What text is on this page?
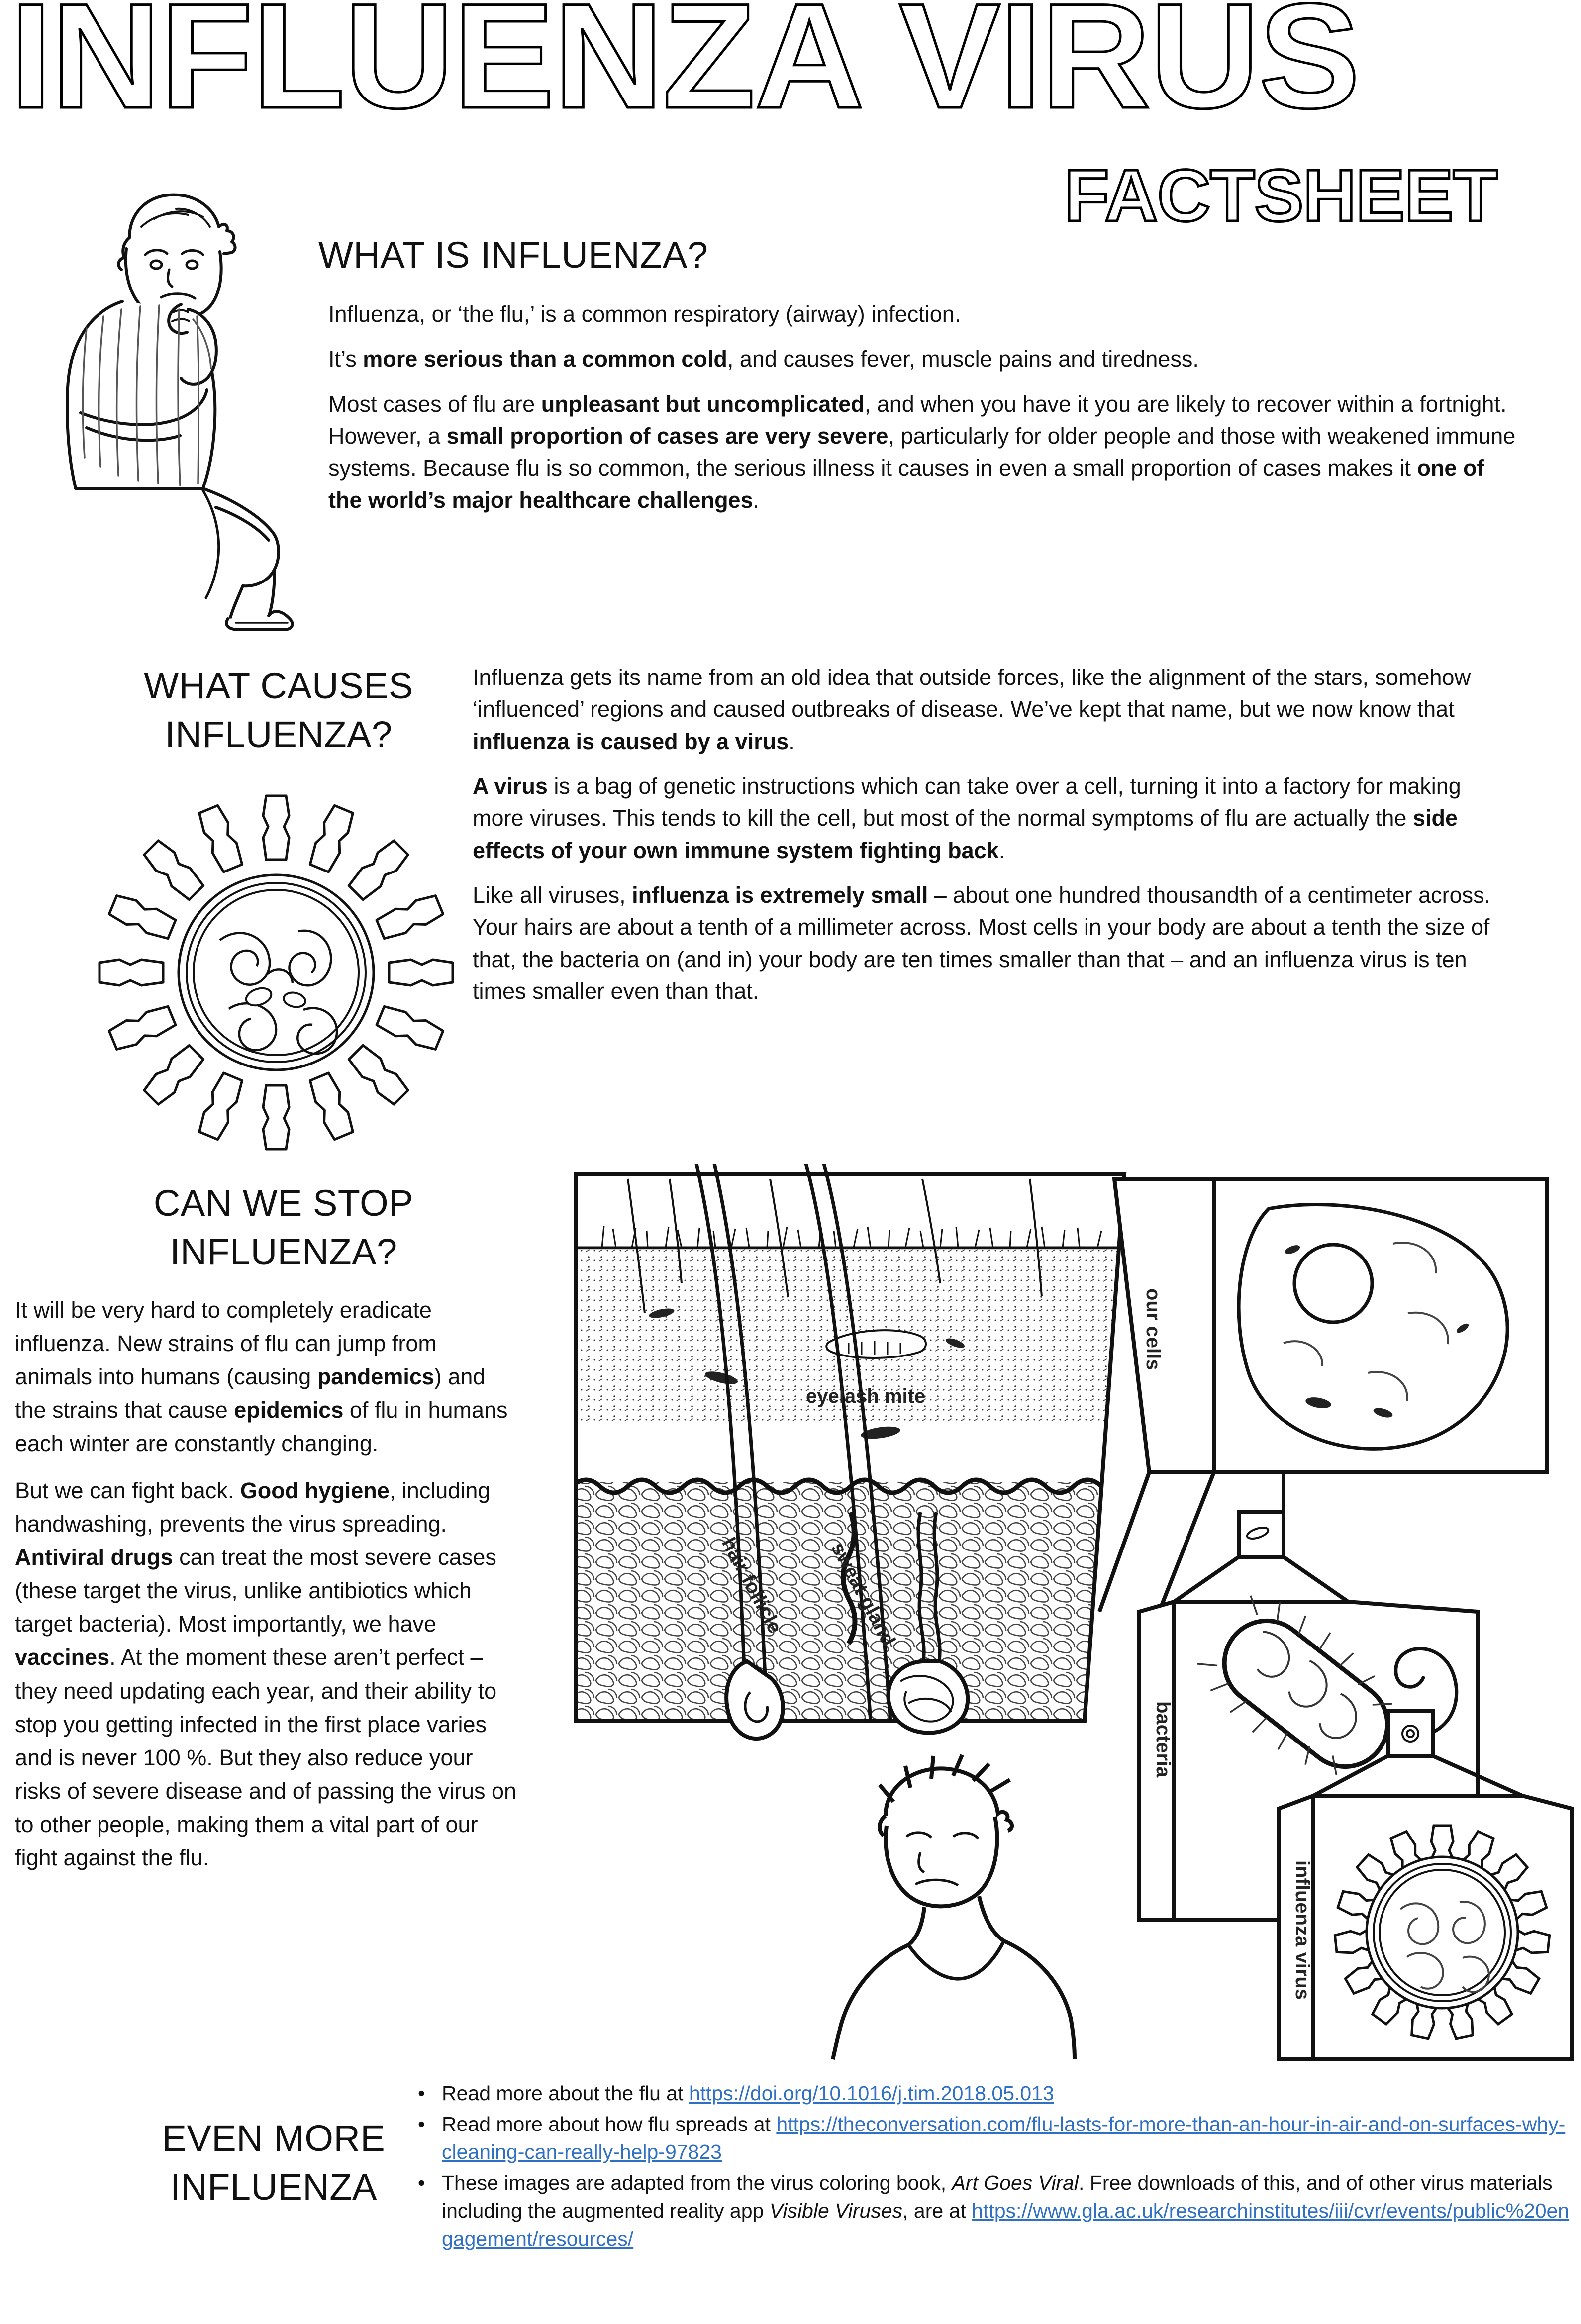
INFLUENZA VIRUS
FACTSHEET
WHAT IS INFLUENZA?

Influenza, or ‘the flu,’ is a common respiratory (airway) infection.

It’s more serious than a common cold, and causes fever, muscle pains and tiredness.

Most cases of flu are unpleasant but uncomplicated, and when you have it you are likely to recover within a fortnight. However, a small proportion of cases are very severe, particularly for older people and those with weakened immune systems. Because flu is so common, the serious illness it causes in even a small proportion of cases makes it one of the world’s major healthcare challenges.

WHAT CAUSES
INFLUENZA?

Influenza gets its name from an old idea that outside forces, like the alignment of the stars, somehow ‘influenced’ regions and caused outbreaks of disease. We’ve kept that name, but we now know that influenza is caused by a virus.

A virus is a bag of genetic instructions which can take over a cell, turning it into a factory for making more viruses. This tends to kill the cell, but most of the normal symptoms of flu are actually the side effects of your own immune system fighting back.

Like all viruses, influenza is extremely small – about one hundred thousandth of a centimeter across. Your hairs are about a tenth of a millimeter across. Most cells in your body are about a tenth the size of that, the bacteria on (and in) your body are ten times smaller than that – and an influenza virus is ten times smaller even than that.

CAN WE STOP
INFLUENZA?

It will be very hard to completely eradicate influenza. New strains of flu can jump from animals into humans (causing pandemics) and the strains that cause epidemics of flu in humans each winter are constantly changing.

But we can fight back. Good hygiene, including handwashing, prevents the virus spreading. Antiviral drugs can treat the most severe cases (these target the virus, unlike antibiotics which target bacteria). Most importantly, we have vaccines. At the moment these aren’t perfect – they need updating each year, and their ability to stop you getting infected in the first place varies and is never 100 %. But they also reduce your risks of severe disease and of passing the virus on to other people, making them a vital part of our fight against the flu.

eyelash mite
hair follicle sweat gland
our cells
bacteria
influenza virus
EVEN MORE
INFLUENZA
• Read more about the flu at https://doi.org/10.1016/j.tim.2018.05.013
• Read more about how flu spreads at https://theconversation.com/flu-lasts-for-more-than-an-hour-in-air-and-on-surfaces-why-cleaning-can-really-help-97823
• These images are adapted from the virus coloring book, Art Goes Viral. Free downloads of this, and of other virus materials including the augmented reality app Visible Viruses, are at https://www.gla.ac.uk/researchinstitutes/iii/cvr/events/public%20engagement/resources/
